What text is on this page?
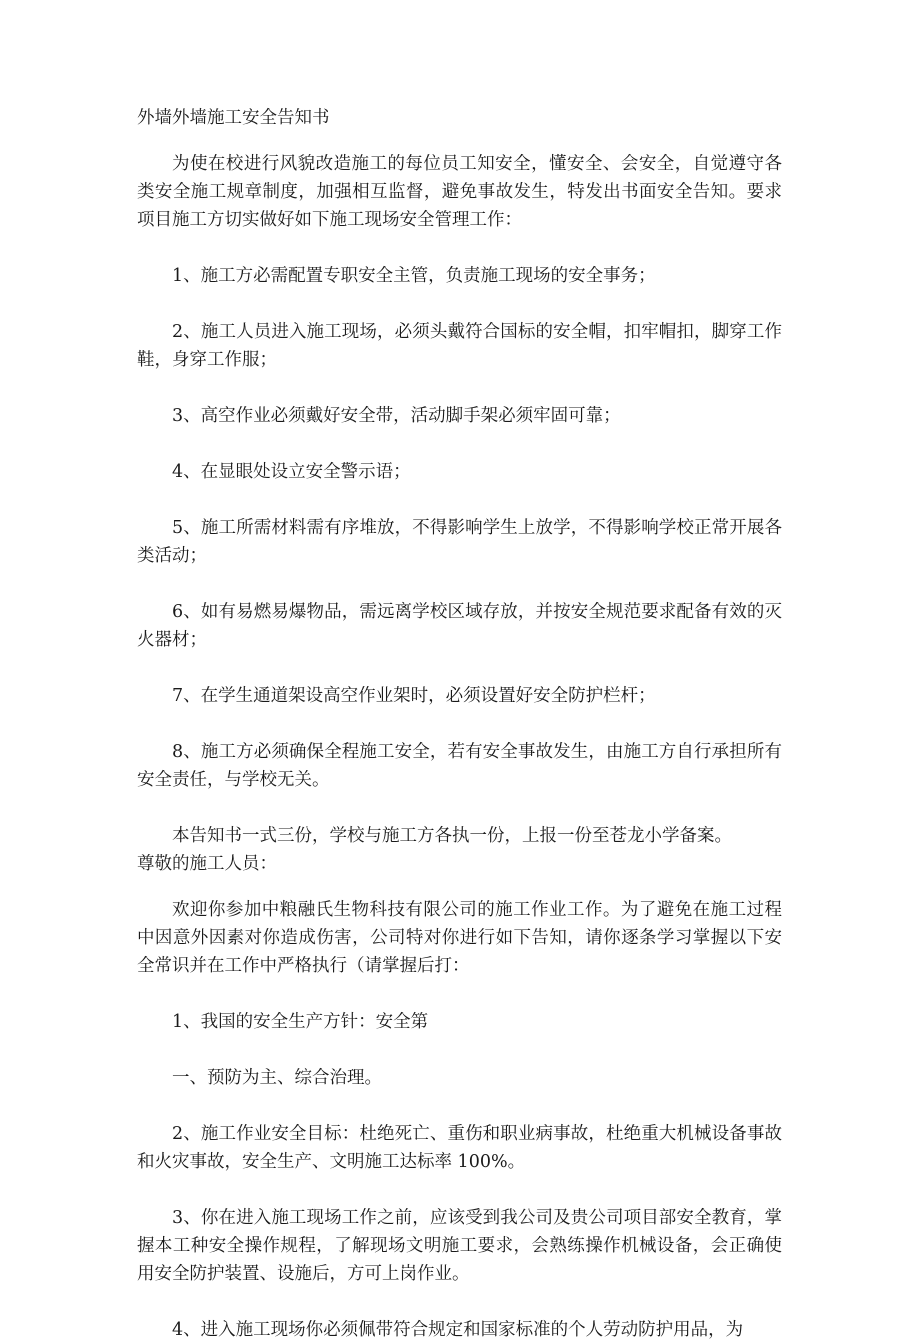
外墙外墙施工安全告知书

为使在校进行风貌改造施工的每位员工知安全，懂安全、会安全，自觉遵守各类安全施工规章制度，加强相互监督，避免事故发生，特发出书面安全告知。要求项目施工方切实做好如下施工现场安全管理工作：

1、施工方必需配置专职安全主管，负责施工现场的安全事务；

2、施工人员进入施工现场，必须头戴符合国标的安全帽，扣牢帽扣，脚穿工作鞋，身穿工作服；

3、高空作业必须戴好安全带，活动脚手架必须牢固可靠；

4、在显眼处设立安全警示语；

5、施工所需材料需有序堆放，不得影响学生上放学，不得影响学校正常开展各类活动；

6、如有易燃易爆物品，需远离学校区域存放，并按安全规范要求配备有效的灭火器材；

7、在学生通道架设高空作业架时，必须设置好安全防护栏杆；

8、施工方必须确保全程施工安全，若有安全事故发生，由施工方自行承担所有安全责任，与学校无关。

本告知书一式三份，学校与施工方各执一份，上报一份至苍龙小学备案。

尊敬的施工人员：

欢迎你参加中粮融氏生物科技有限公司的施工作业工作。为了避免在施工过程中因意外因素对你造成伤害，公司特对你进行如下告知，请你逐条学习掌握以下安全常识并在工作中严格执行（请掌握后打：

1、我国的安全生产方针：安全第

一、预防为主、综合治理。

2、施工作业安全目标：杜绝死亡、重伤和职业病事故，杜绝重大机械设备事故和火灾事故，安全生产、文明施工达标率 100%。

3、你在进入施工现场工作之前，应该受到我公司及贵公司项目部安全教育，掌握本工种安全操作规程，了解现场文明施工要求，会熟练操作机械设备，会正确使用安全防护装置、设施后，方可上岗作业。

4、进入施工现场你必须佩带符合规定和国家标准的个人劳动防护用品，为
